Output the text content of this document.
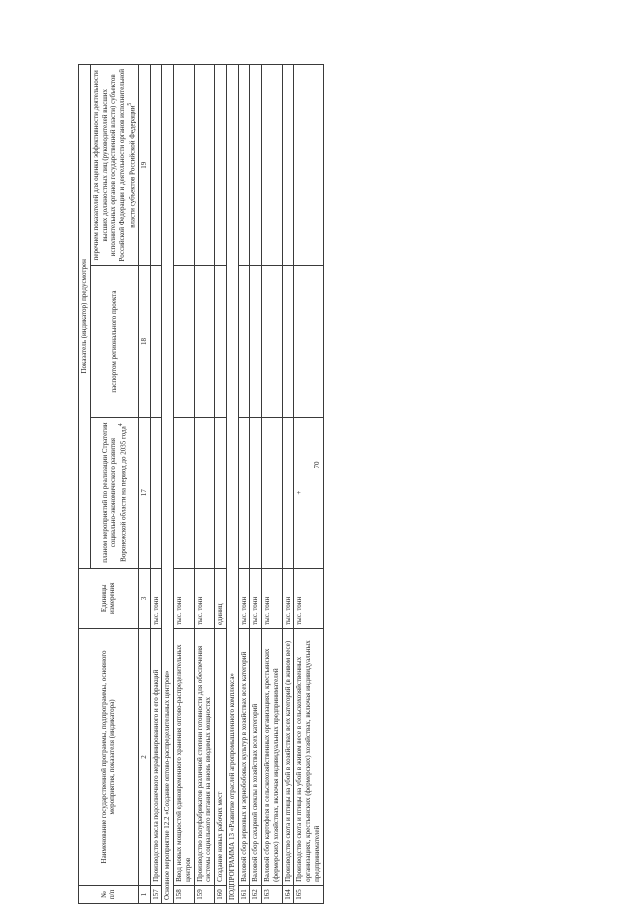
70
№ п/п	Наименование государственной программы, подпрограммы, основного мероприятия, показателя (индикатора)	Единицы измерения	Показатель (индикатор) предусмотрен		
			планом мероприятий по реализации Стратегии социально-экономического развития Воронежской области на период до 2035 года$^4$	паспортом регионального проекта	перечнем показателей для оценки эффективности деятельности высших должностных лиц (руководителей высших исполнительных органов государственной власти) субъектов Российской Федерации и деятельности органов исполнительной власти субъектов Российской Федерации$^5$
1	2	3	17	18	19
157	Производство масла подсолнечного нерафинированного и его фракций	тыс. тонн			
Основное мероприятие 12.2 «Создание оптово-распределительных центров»					
158	Ввод новых мощностей единовременного хранения оптово-распределительных центров	тыс. тонн			
159	Производство полуфабрикатов различной степени готовности для обеспечения системы социального питания на вновь вводимых мощностях	тыс. тонн			
160	Создание новых рабочих мест	единиц			
ПОДПРОГРАММА 13 «Развитие отраслей агропромышленного комплекса»					
161	Валовой сбор зерновых и зернобобовых культур в хозяйствах всех категорий	тыс. тонн			
162	Валовой сбор сахарной свеклы в хозяйствах всех категорий	тыс. тонн			
163	Валовой сбор картофеля в сельскохозяйственных организациях, крестьянских (фермерских) хозяйствах, включая индивидуальных предпринимателей	тыс. тонн			
164	Производство скота и птицы на убой в хозяйствах всех категорий (в живом весе)	тыс. тонн			
165	Производство скота и птицы на убой в живом весе в сельскохозяйственных организациях, крестьянских (фермерских) хозяйствах, включая индивидуальных предпринимателей	тыс. тонн	+		
